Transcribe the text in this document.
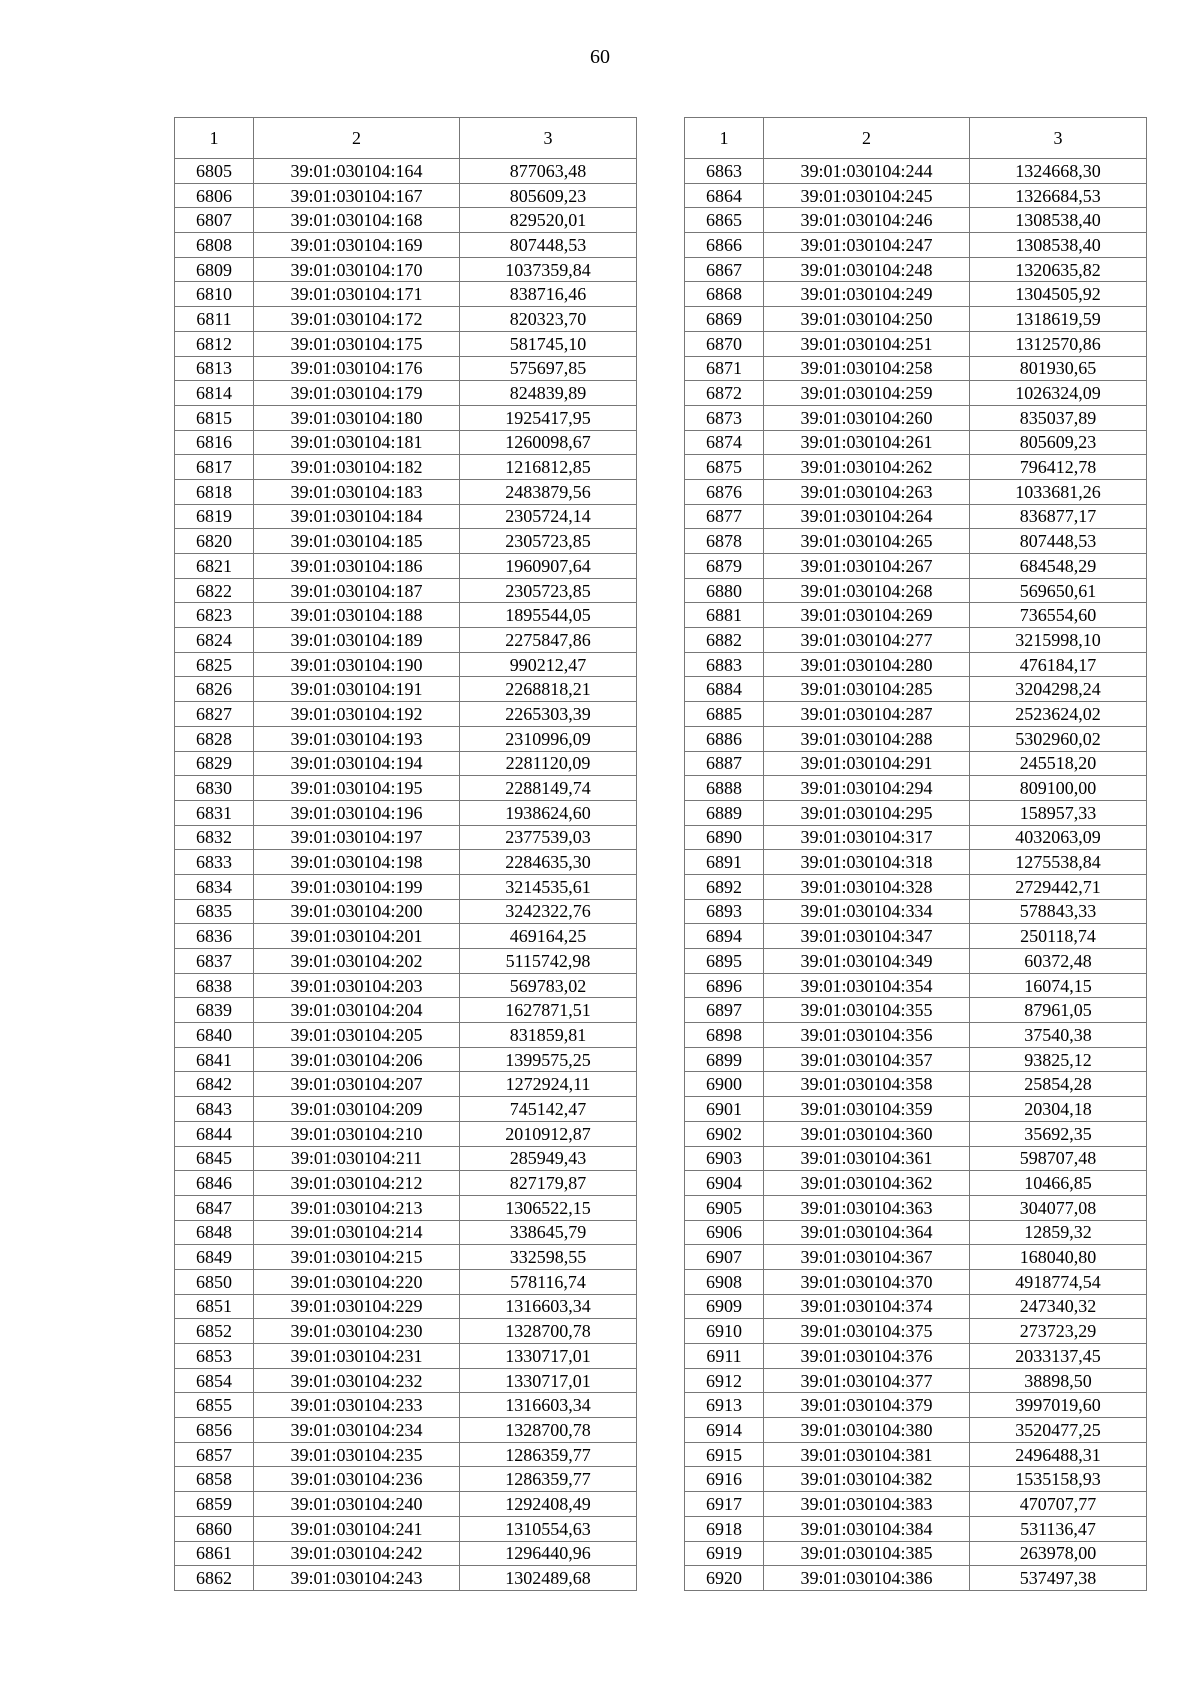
60
1	2	3
6805	39:01:030104:164	877063,48
6806	39:01:030104:167	805609,23
6807	39:01:030104:168	829520,01
6808	39:01:030104:169	807448,53
6809	39:01:030104:170	1037359,84
6810	39:01:030104:171	838716,46
6811	39:01:030104:172	820323,70
6812	39:01:030104:175	581745,10
6813	39:01:030104:176	575697,85
6814	39:01:030104:179	824839,89
6815	39:01:030104:180	1925417,95
6816	39:01:030104:181	1260098,67
6817	39:01:030104:182	1216812,85
6818	39:01:030104:183	2483879,56
6819	39:01:030104:184	2305724,14
6820	39:01:030104:185	2305723,85
6821	39:01:030104:186	1960907,64
6822	39:01:030104:187	2305723,85
6823	39:01:030104:188	1895544,05
6824	39:01:030104:189	2275847,86
6825	39:01:030104:190	990212,47
6826	39:01:030104:191	2268818,21
6827	39:01:030104:192	2265303,39
6828	39:01:030104:193	2310996,09
6829	39:01:030104:194	2281120,09
6830	39:01:030104:195	2288149,74
6831	39:01:030104:196	1938624,60
6832	39:01:030104:197	2377539,03
6833	39:01:030104:198	2284635,30
6834	39:01:030104:199	3214535,61
6835	39:01:030104:200	3242322,76
6836	39:01:030104:201	469164,25
6837	39:01:030104:202	5115742,98
6838	39:01:030104:203	569783,02
6839	39:01:030104:204	1627871,51
6840	39:01:030104:205	831859,81
6841	39:01:030104:206	1399575,25
6842	39:01:030104:207	1272924,11
6843	39:01:030104:209	745142,47
6844	39:01:030104:210	2010912,87
6845	39:01:030104:211	285949,43
6846	39:01:030104:212	827179,87
6847	39:01:030104:213	1306522,15
6848	39:01:030104:214	338645,79
6849	39:01:030104:215	332598,55
6850	39:01:030104:220	578116,74
6851	39:01:030104:229	1316603,34
6852	39:01:030104:230	1328700,78
6853	39:01:030104:231	1330717,01
6854	39:01:030104:232	1330717,01
6855	39:01:030104:233	1316603,34
6856	39:01:030104:234	1328700,78
6857	39:01:030104:235	1286359,77
6858	39:01:030104:236	1286359,77
6859	39:01:030104:240	1292408,49
6860	39:01:030104:241	1310554,63
6861	39:01:030104:242	1296440,96
6862	39:01:030104:243	1302489,68
1	2	3
6863	39:01:030104:244	1324668,30
6864	39:01:030104:245	1326684,53
6865	39:01:030104:246	1308538,40
6866	39:01:030104:247	1308538,40
6867	39:01:030104:248	1320635,82
6868	39:01:030104:249	1304505,92
6869	39:01:030104:250	1318619,59
6870	39:01:030104:251	1312570,86
6871	39:01:030104:258	801930,65
6872	39:01:030104:259	1026324,09
6873	39:01:030104:260	835037,89
6874	39:01:030104:261	805609,23
6875	39:01:030104:262	796412,78
6876	39:01:030104:263	1033681,26
6877	39:01:030104:264	836877,17
6878	39:01:030104:265	807448,53
6879	39:01:030104:267	684548,29
6880	39:01:030104:268	569650,61
6881	39:01:030104:269	736554,60
6882	39:01:030104:277	3215998,10
6883	39:01:030104:280	476184,17
6884	39:01:030104:285	3204298,24
6885	39:01:030104:287	2523624,02
6886	39:01:030104:288	5302960,02
6887	39:01:030104:291	245518,20
6888	39:01:030104:294	809100,00
6889	39:01:030104:295	158957,33
6890	39:01:030104:317	4032063,09
6891	39:01:030104:318	1275538,84
6892	39:01:030104:328	2729442,71
6893	39:01:030104:334	578843,33
6894	39:01:030104:347	250118,74
6895	39:01:030104:349	60372,48
6896	39:01:030104:354	16074,15
6897	39:01:030104:355	87961,05
6898	39:01:030104:356	37540,38
6899	39:01:030104:357	93825,12
6900	39:01:030104:358	25854,28
6901	39:01:030104:359	20304,18
6902	39:01:030104:360	35692,35
6903	39:01:030104:361	598707,48
6904	39:01:030104:362	10466,85
6905	39:01:030104:363	304077,08
6906	39:01:030104:364	12859,32
6907	39:01:030104:367	168040,80
6908	39:01:030104:370	4918774,54
6909	39:01:030104:374	247340,32
6910	39:01:030104:375	273723,29
6911	39:01:030104:376	2033137,45
6912	39:01:030104:377	38898,50
6913	39:01:030104:379	3997019,60
6914	39:01:030104:380	3520477,25
6915	39:01:030104:381	2496488,31
6916	39:01:030104:382	1535158,93
6917	39:01:030104:383	470707,77
6918	39:01:030104:384	531136,47
6919	39:01:030104:385	263978,00
6920	39:01:030104:386	537497,38
